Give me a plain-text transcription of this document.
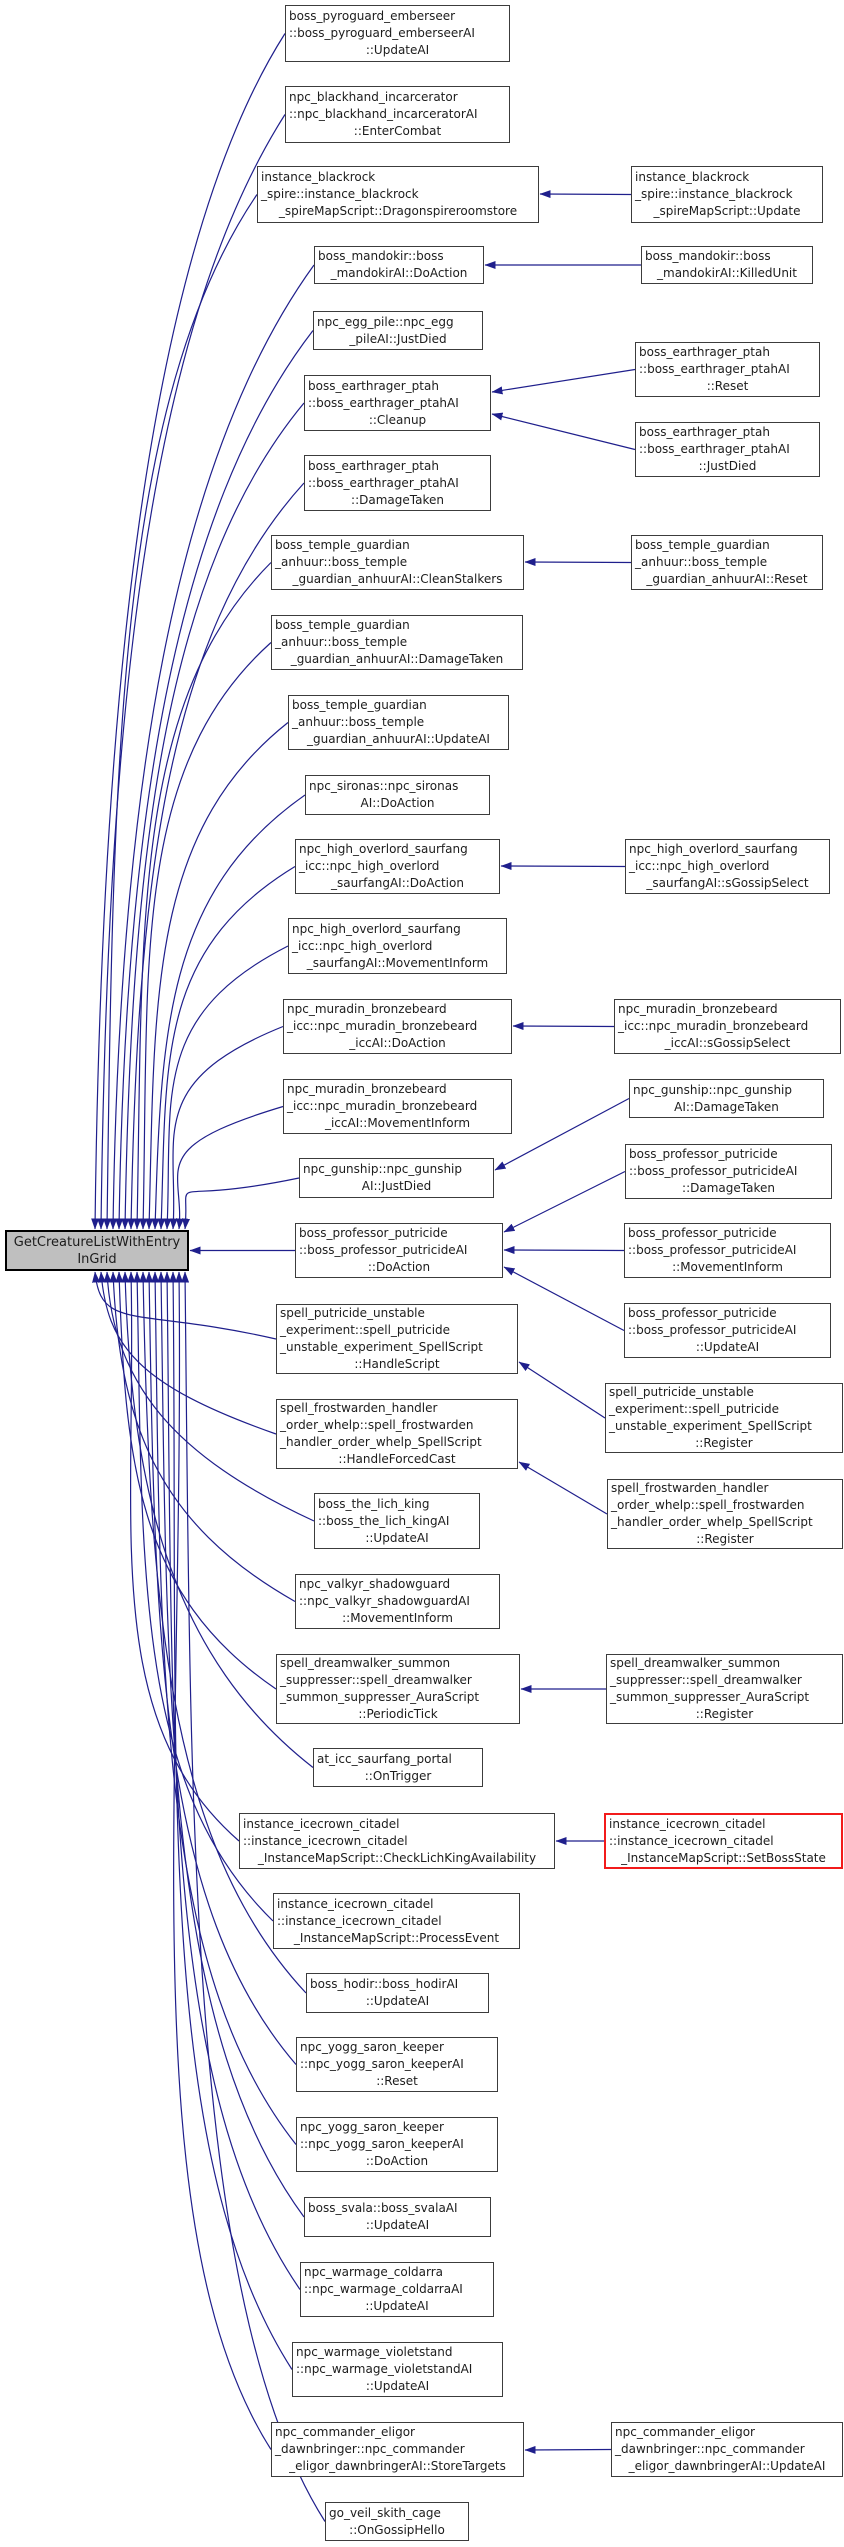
GetCreatureListWithEntry
InGrid
boss_pyroguard_emberseer
::boss_pyroguard_emberseerAI
::UpdateAI
npc_blackhand_incarcerator
::npc_blackhand_incarceratorAI
::EnterCombat
instance_blackrock
_spire::instance_blackrock
_spireMapScript::Dragonspireroomstore
boss_mandokir::boss
_mandokirAI::DoAction
npc_egg_pile::npc_egg
_pileAI::JustDied
boss_earthrager_ptah
::boss_earthrager_ptahAI
::Cleanup
boss_earthrager_ptah
::boss_earthrager_ptahAI
::DamageTaken
boss_temple_guardian
_anhuur::boss_temple
_guardian_anhuurAI::CleanStalkers
boss_temple_guardian
_anhuur::boss_temple
_guardian_anhuurAI::DamageTaken
boss_temple_guardian
_anhuur::boss_temple
_guardian_anhuurAI::UpdateAI
npc_sironas::npc_sironas
AI::DoAction
npc_high_overlord_saurfang
_icc::npc_high_overlord
_saurfangAI::DoAction
npc_high_overlord_saurfang
_icc::npc_high_overlord
_saurfangAI::MovementInform
npc_muradin_bronzebeard
_icc::npc_muradin_bronzebeard
_iccAI::DoAction
npc_muradin_bronzebeard
_icc::npc_muradin_bronzebeard
_iccAI::MovementInform
npc_gunship::npc_gunship
AI::JustDied
boss_professor_putricide
::boss_professor_putricideAI
::DoAction
spell_putricide_unstable
_experiment::spell_putricide
_unstable_experiment_SpellScript
::HandleScript
spell_frostwarden_handler
_order_whelp::spell_frostwarden
_handler_order_whelp_SpellScript
::HandleForcedCast
boss_the_lich_king
::boss_the_lich_kingAI
::UpdateAI
npc_valkyr_shadowguard
::npc_valkyr_shadowguardAI
::MovementInform
spell_dreamwalker_summon
_suppresser::spell_dreamwalker
_summon_suppresser_AuraScript
::PeriodicTick
at_icc_saurfang_portal
::OnTrigger
instance_icecrown_citadel
::instance_icecrown_citadel
_InstanceMapScript::CheckLichKingAvailability
instance_icecrown_citadel
::instance_icecrown_citadel
_InstanceMapScript::ProcessEvent
boss_hodir::boss_hodirAI
::UpdateAI
npc_yogg_saron_keeper
::npc_yogg_saron_keeperAI
::Reset
npc_yogg_saron_keeper
::npc_yogg_saron_keeperAI
::DoAction
boss_svala::boss_svalaAI
::UpdateAI
npc_warmage_coldarra
::npc_warmage_coldarraAI
::UpdateAI
npc_warmage_violetstand
::npc_warmage_violetstandAI
::UpdateAI
npc_commander_eligor
_dawnbringer::npc_commander
_eligor_dawnbringerAI::StoreTargets
go_veil_skith_cage
::OnGossipHello
instance_blackrock
_spire::instance_blackrock
_spireMapScript::Update
boss_mandokir::boss
_mandokirAI::KilledUnit
boss_earthrager_ptah
::boss_earthrager_ptahAI
::Reset
boss_earthrager_ptah
::boss_earthrager_ptahAI
::JustDied
boss_temple_guardian
_anhuur::boss_temple
_guardian_anhuurAI::Reset
npc_high_overlord_saurfang
_icc::npc_high_overlord
_saurfangAI::sGossipSelect
npc_muradin_bronzebeard
_icc::npc_muradin_bronzebeard
_iccAI::sGossipSelect
npc_gunship::npc_gunship
AI::DamageTaken
boss_professor_putricide
::boss_professor_putricideAI
::DamageTaken
boss_professor_putricide
::boss_professor_putricideAI
::MovementInform
boss_professor_putricide
::boss_professor_putricideAI
::UpdateAI
spell_putricide_unstable
_experiment::spell_putricide
_unstable_experiment_SpellScript
::Register
spell_frostwarden_handler
_order_whelp::spell_frostwarden
_handler_order_whelp_SpellScript
::Register
spell_dreamwalker_summon
_suppresser::spell_dreamwalker
_summon_suppresser_AuraScript
::Register
instance_icecrown_citadel
::instance_icecrown_citadel
_InstanceMapScript::SetBossState
npc_commander_eligor
_dawnbringer::npc_commander
_eligor_dawnbringerAI::UpdateAI
